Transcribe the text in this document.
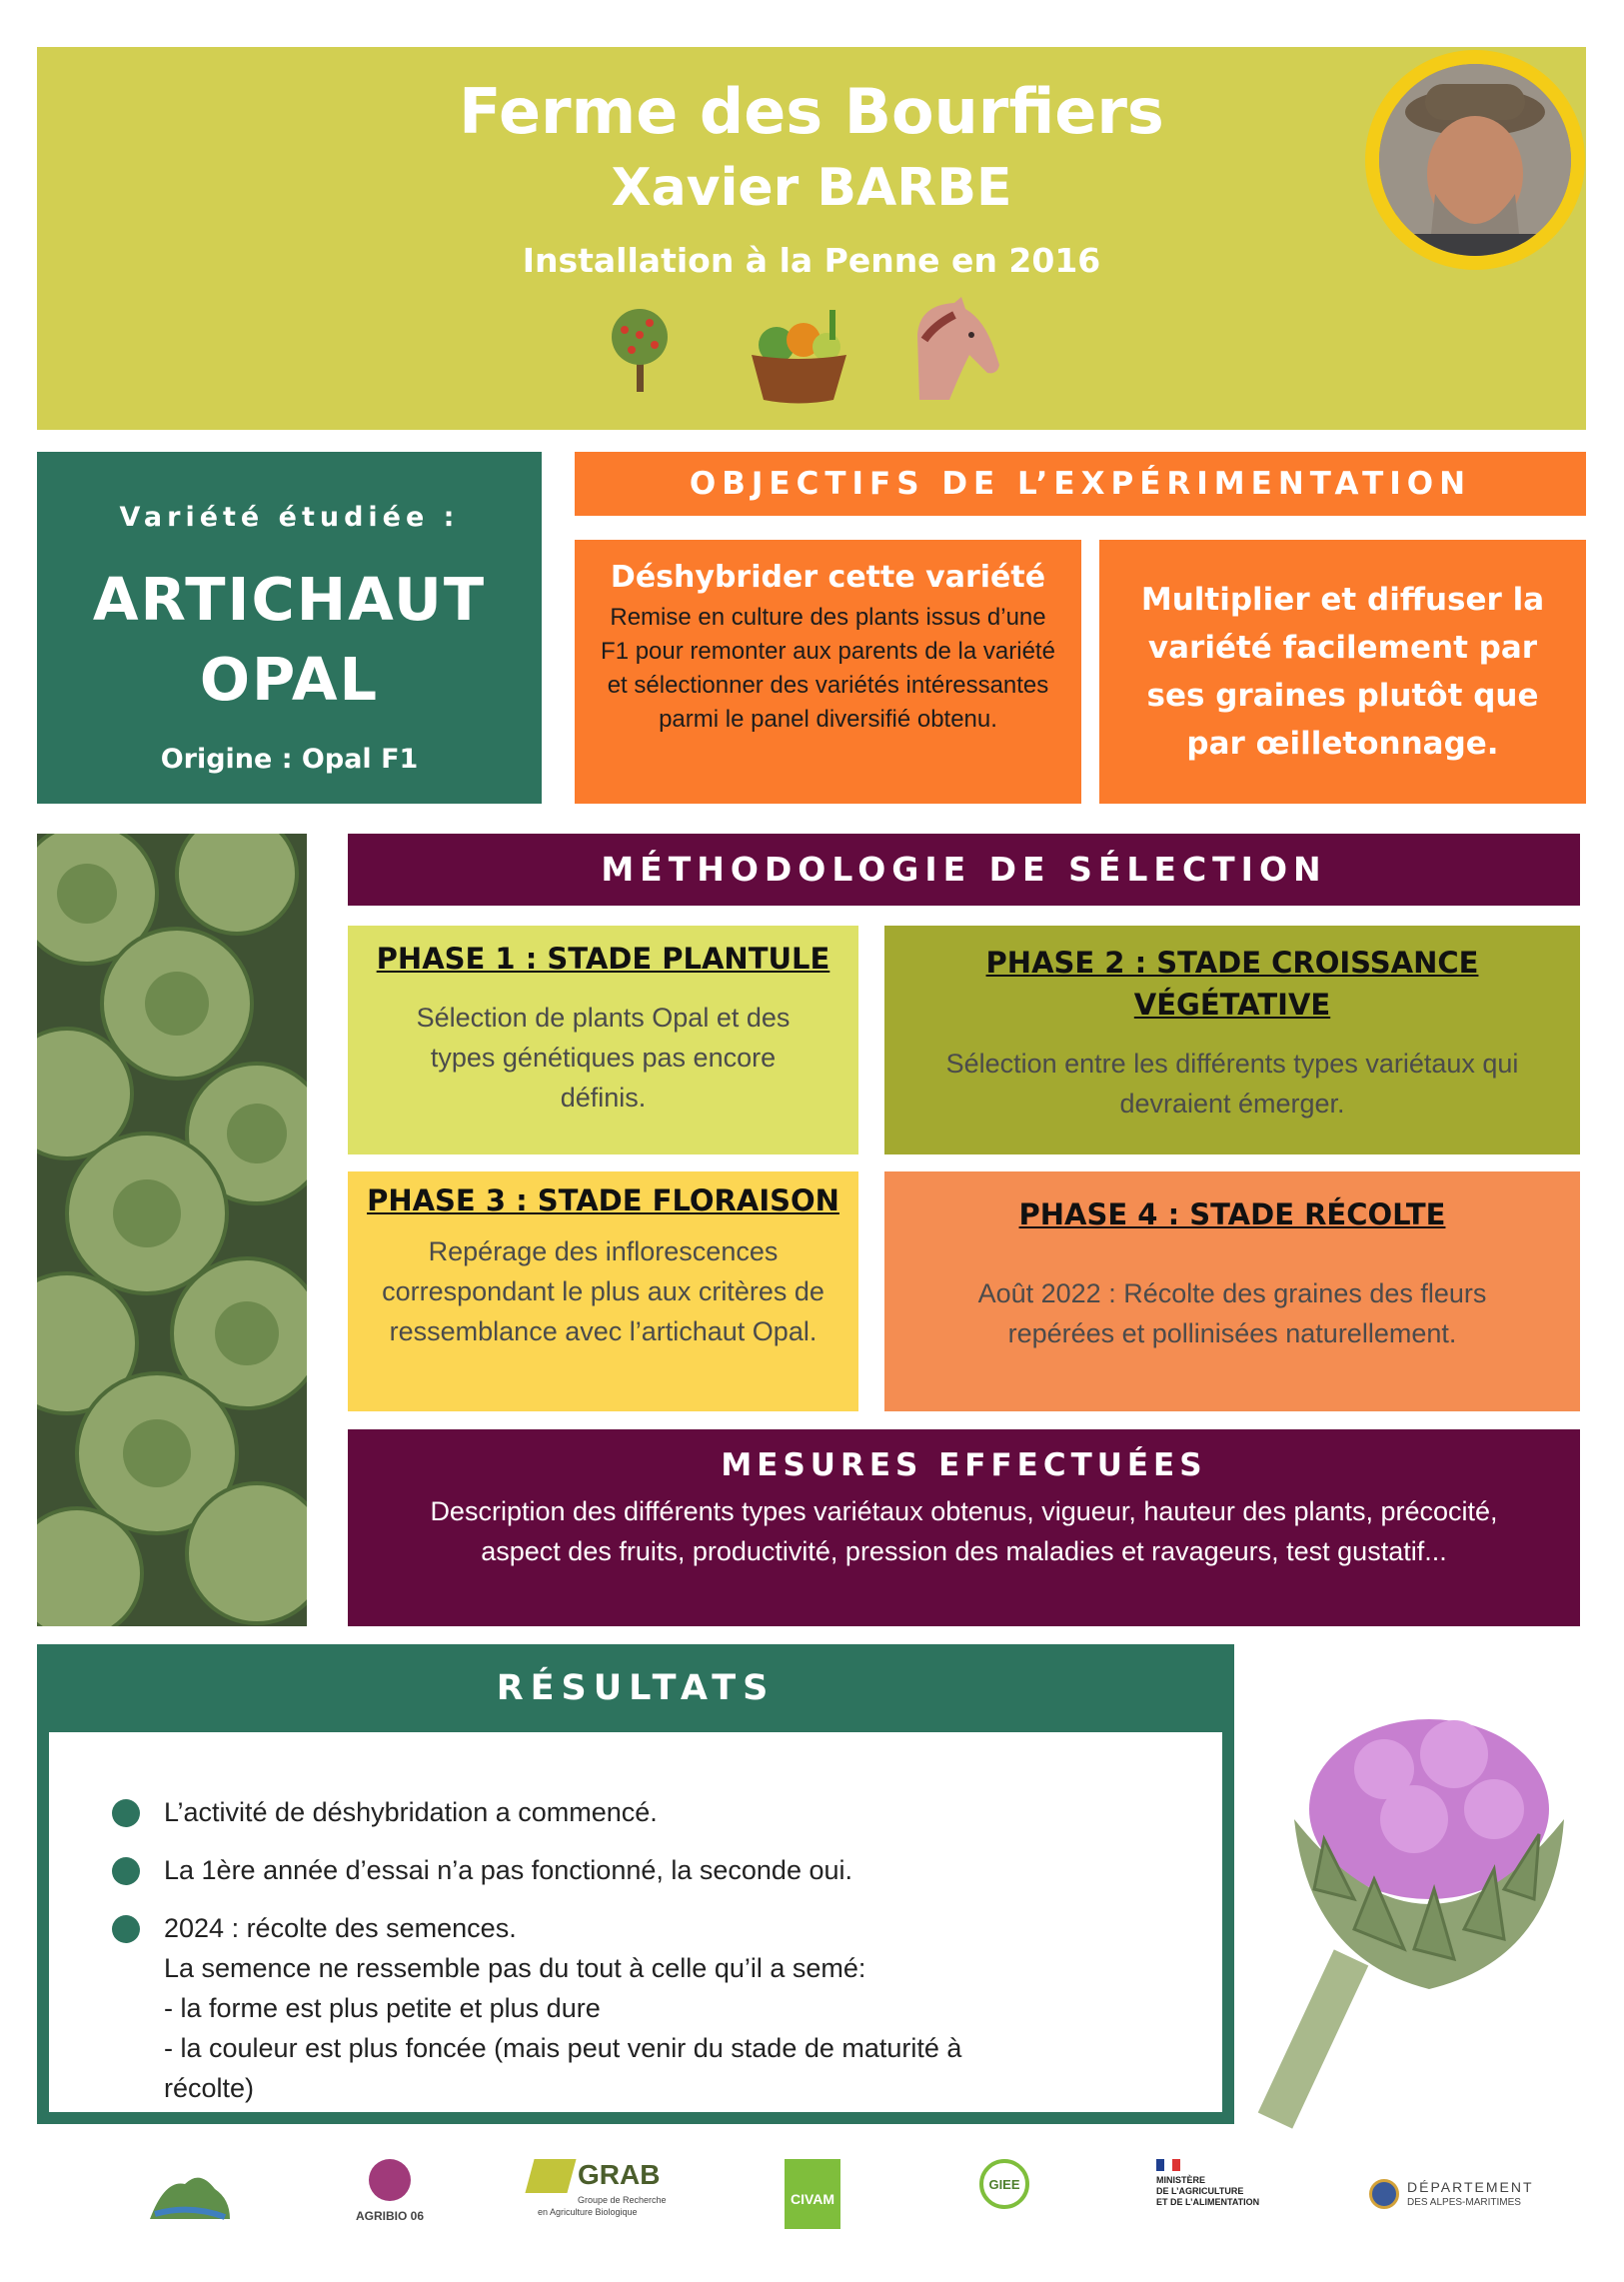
Ferme des Bourfiers
Xavier BARBE
Installation à la Penne en 2016
Variété étudiée :
ARTICHAUT
OPAL
Origine : Opal F1
OBJECTIFS DE L’EXPÉRIMENTATION
Déshybrider cette variété

Remise en culture des plants issus d’une F1 pour remonter aux parents de la variété et sélectionner des variétés intéressantes parmi le panel diversifié obtenu.

Multiplier et diffuser la variété facilement par ses graines plutôt que par œilletonnage.

MÉTHODOLOGIE DE SÉLECTION
PHASE 1 : STADE PLANTULE

Sélection de plants Opal et des types génétiques pas encore définis.

PHASE 2 : STADE CROISSANCE VÉGÉTATIVE

Sélection entre les différents types variétaux qui devraient émerger.

PHASE 3 : STADE FLORAISON

Repérage des inflorescences correspondant le plus aux critères de ressemblance avec l’artichaut Opal.

PHASE 4 : STADE RÉCOLTE

Août 2022 : Récolte des graines des fleurs repérées et pollinisées naturellement.

MESURES EFFECTUÉES

Description des différents types variétaux obtenus, vigueur, hauteur des plants, précocité, aspect des fruits, productivité, pression des maladies et ravageurs, test gustatif...

RÉSULTATS
L’activité de déshybridation a commencé.
La 1ère année d’essai n’a pas fonctionné, la seconde oui.
2024 : récolte des semences.
La semence ne ressemble pas du tout à celle qu’il a semé:
- la forme est plus petite et plus dure
- la couleur est plus foncée (mais peut venir du stade de maturité à
récolte)
AGRIBIO 06
GRAB
Groupe de Recherche
en Agriculture Biologique
CIVAM
GIEE	MINISTÈRE
DE L’AGRICULTURE
ET DE L’ALIMENTATION
DÉPARTEMENT
DES ALPES-MARITIMES
